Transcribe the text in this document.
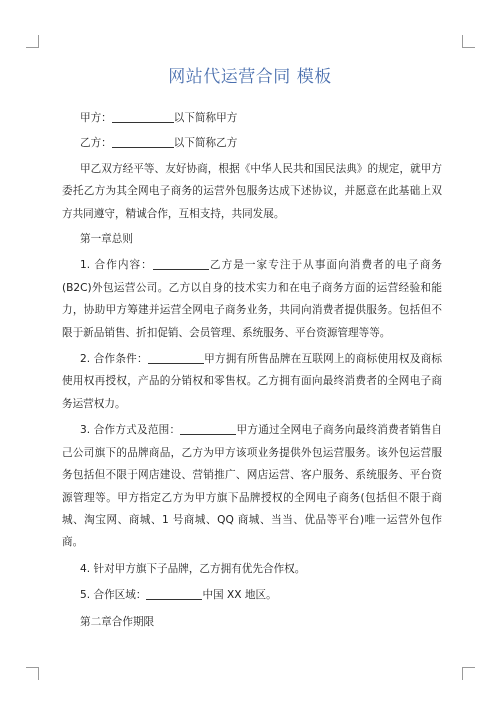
网站代运营合同 模板

甲方：	以下简称甲方

乙方：	以下简称乙方

甲乙双方经平等、友好协商，根据《中华人民共和国民法典》的规定，就甲方委托乙方为其全网电子商务的运营外包服务达成下述协议，并愿意在此基础上双方共同遵守，精诚合作，互相支持，共同发展。

第一章总则

1. 合作内容：	乙方是一家专注于从事面向消费者的电子商务(B2C)外包运营公司。乙方以自身的技术实力和在电子商务方面的运营经验和能力，协助甲方筹建并运营全网电子商务业务，共同向消费者提供服务。包括但不限于新品销售、折扣促销、会员管理、系统服务、平台资源管理等等。

2. 合作条件：	甲方拥有所售品牌在互联网上的商标使用权及商标使用权再授权，产品的分销权和零售权。乙方拥有面向最终消费者的全网电子商务运营权力。

3. 合作方式及范围：	甲方通过全网电子商务向最终消费者销售自己公司旗下的品牌商品，乙方为甲方该项业务提供外包运营服务。该外包运营服务包括但不限于网店建设、营销推广、网店运营、客户服务、系统服务、平台资源管理等。甲方指定乙方为甲方旗下品牌授权的全网电子商务(包括但不限于商城、淘宝网、商城、1 号商城、QQ 商城、当当、优品等平台)唯一运营外包作商。

4. 针对甲方旗下子品牌，乙方拥有优先合作权。

5. 合作区域：	中国 XX 地区。

第二章合作期限
